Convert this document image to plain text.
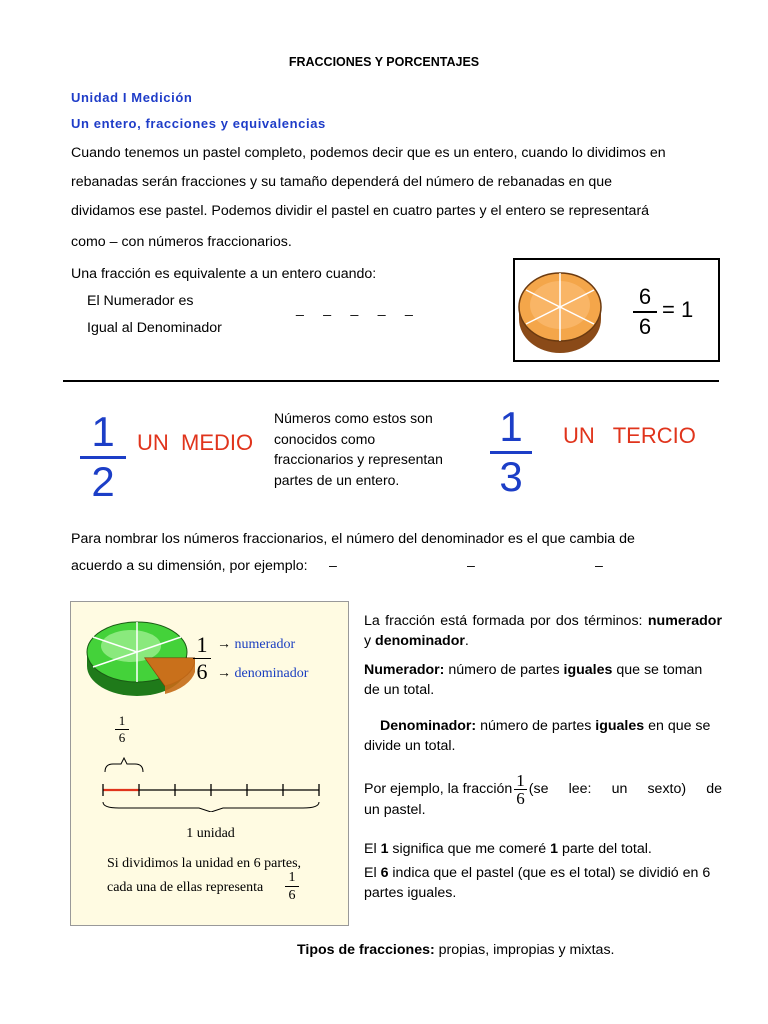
FRACCIONES Y PORCENTAJES
Unidad I Medición
Un entero, fracciones y equivalencias
Cuando tenemos un pastel completo, podemos decir que es un entero, cuando lo dividimos en
rebanadas serán fracciones y su tamaño dependerá del número de rebanadas en que
dividamos ese pastel. Podemos dividir el pastel en cuatro partes y el entero se representará
como – con números fraccionarios.
Una fracción es equivalente a un entero cuando:
El Numerador es
Igual al Denominador
_     _     _     _     _	6
6
= 1
1
2
UN  MEDIO
Números como estos son
conocidos como
fraccionarios y representan
partes de un entero.
1
3
UN   TERCIO
Para nombrar los números fraccionarios, el número del denominador es el que cambia de
acuerdo a su dimensión, por ejemplo: –	–	–
1
6
→ numerador
→ denominador
1
6
1 unidad
Si dividimos la unidad en 6 partes,
cada una de ellas representa
1
6
La fracción está formada por dos términos: numerador y denominador.
Numerador: número de partes iguales que se toman de un total.
Denominador: número de partes iguales en que se divide un total.
Por ejemplo, la fracción $\frac{1}{6} (se$ lee: un sexto) de
un pastel.
El 1 significa que me comeré 1 parte del total.
El 6 indica que el pastel (que es el total) se dividió en 6 partes iguales.
Tipos de fracciones: propias, impropias y mixtas.
